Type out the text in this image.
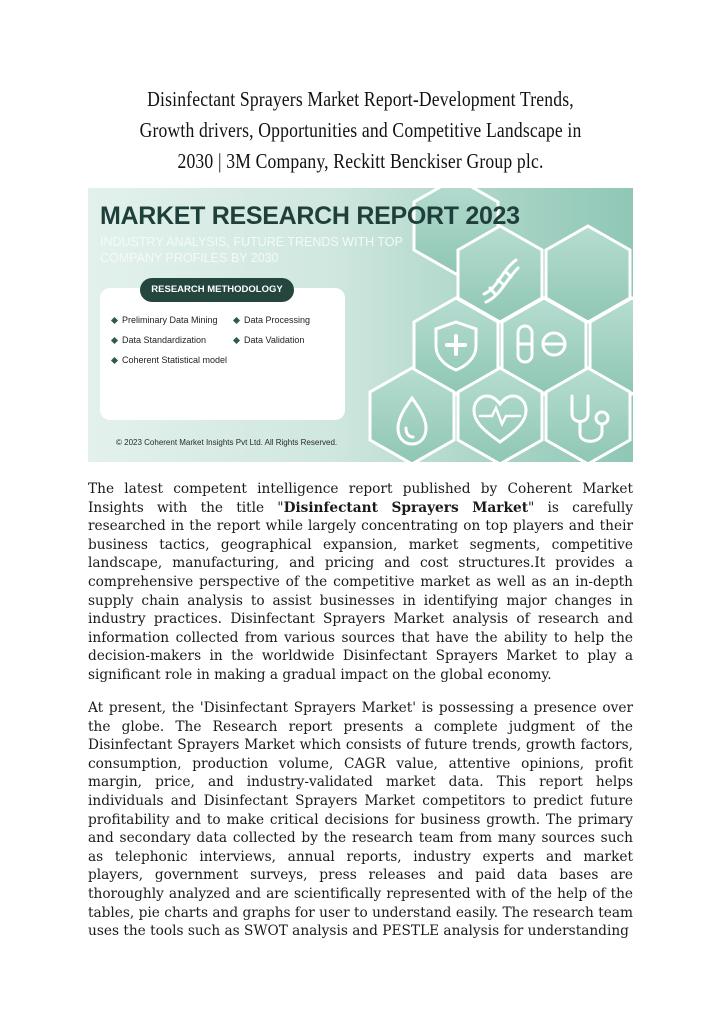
Disinfectant Sprayers Market Report-Development Trends, Growth drivers, Opportunities and Competitive Landscape in 2030 | 3M Company, Reckitt Benckiser Group plc.
MARKET RESEARCH REPORT 2023
INDUSTRY ANALYSIS, FUTURE TRENDS WITH TOP
COMPANY PROFILES BY 2030
RESEARCH METHODOLOGY
Preliminary Data Mining
Data Standardization
Coherent Statistical model
Data Processing
Data Validation
© 2023 Coherent Market Insights Pvt Ltd. All Rights Reserved.

The latest competent intelligence report published by Coherent Market Insights with the title "Disinfectant Sprayers Market" is carefully researched in the report while largely concentrating on top players and their business tactics, geographical expansion, market segments, competitive landscape, manufacturing, and pricing and cost structures.It provides a comprehensive perspective of the competitive market as well as an in-depth supply chain analysis to assist businesses in identifying major changes in industry practices. Disinfectant Sprayers Market analysis of research and information collected from various sources that have the ability to help the decision-makers in the worldwide Disinfectant Sprayers Market to play a significant role in making a gradual impact on the global economy.

At present, the 'Disinfectant Sprayers Market' is possessing a presence over the globe. The Research report presents a complete judgment of the Disinfectant Sprayers Market which consists of future trends, growth factors, consumption, production volume, CAGR value, attentive opinions, profit margin, price, and industry-validated market data. This report helps individuals and Disinfectant Sprayers Market competitors to predict future profitability and to make critical decisions for business growth. The primary and secondary data collected by the research team from many sources such as telephonic interviews, annual reports, industry experts and market players, government surveys, press releases and paid data bases are thoroughly analyzed and are scientifically represented with of the help of the tables, pie charts and graphs for user to understand easily. The research team uses the tools such as SWOT analysis and PESTLE analysis for understanding
